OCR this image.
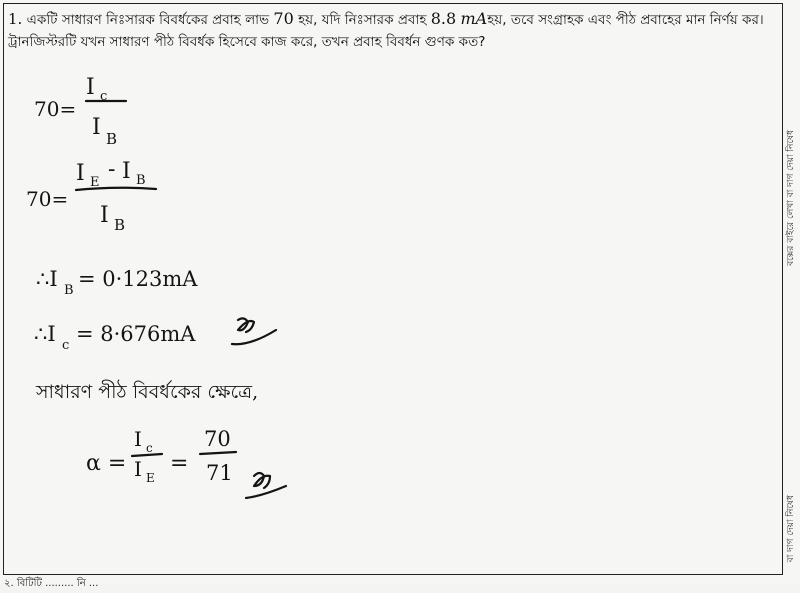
1. একটি সাধারণ নিঃসারক বিবর্ধকের প্রবাহ লাভ 70 হয়, যদি নিঃসারক প্রবাহ 8.8 mAহয়, তবে সংগ্রাহক এবং পীঠ প্রবাহের মান নির্ণয় কর। ট্রানজিস্টরটি যখন সাধারণ পীঠ বিবর্ধক হিসেবে কাজ করে, তখন প্রবাহ বিবর্ধন গুণক কত?
বক্সের বাইরে লেখা বা দাগ দেয়া নিষেধ
বা দাগ দেয়া নিষেধ
২. বিটিটি ......... নি ...
70=
I c
I B
70=
I E
- I B
I B
∴I B = 0·123mA
∴I c = 8·676mA
সাধারণ পীঠ বিবর্ধকের ক্ষেত্রে,
α =
I c
I E
=
70
71
